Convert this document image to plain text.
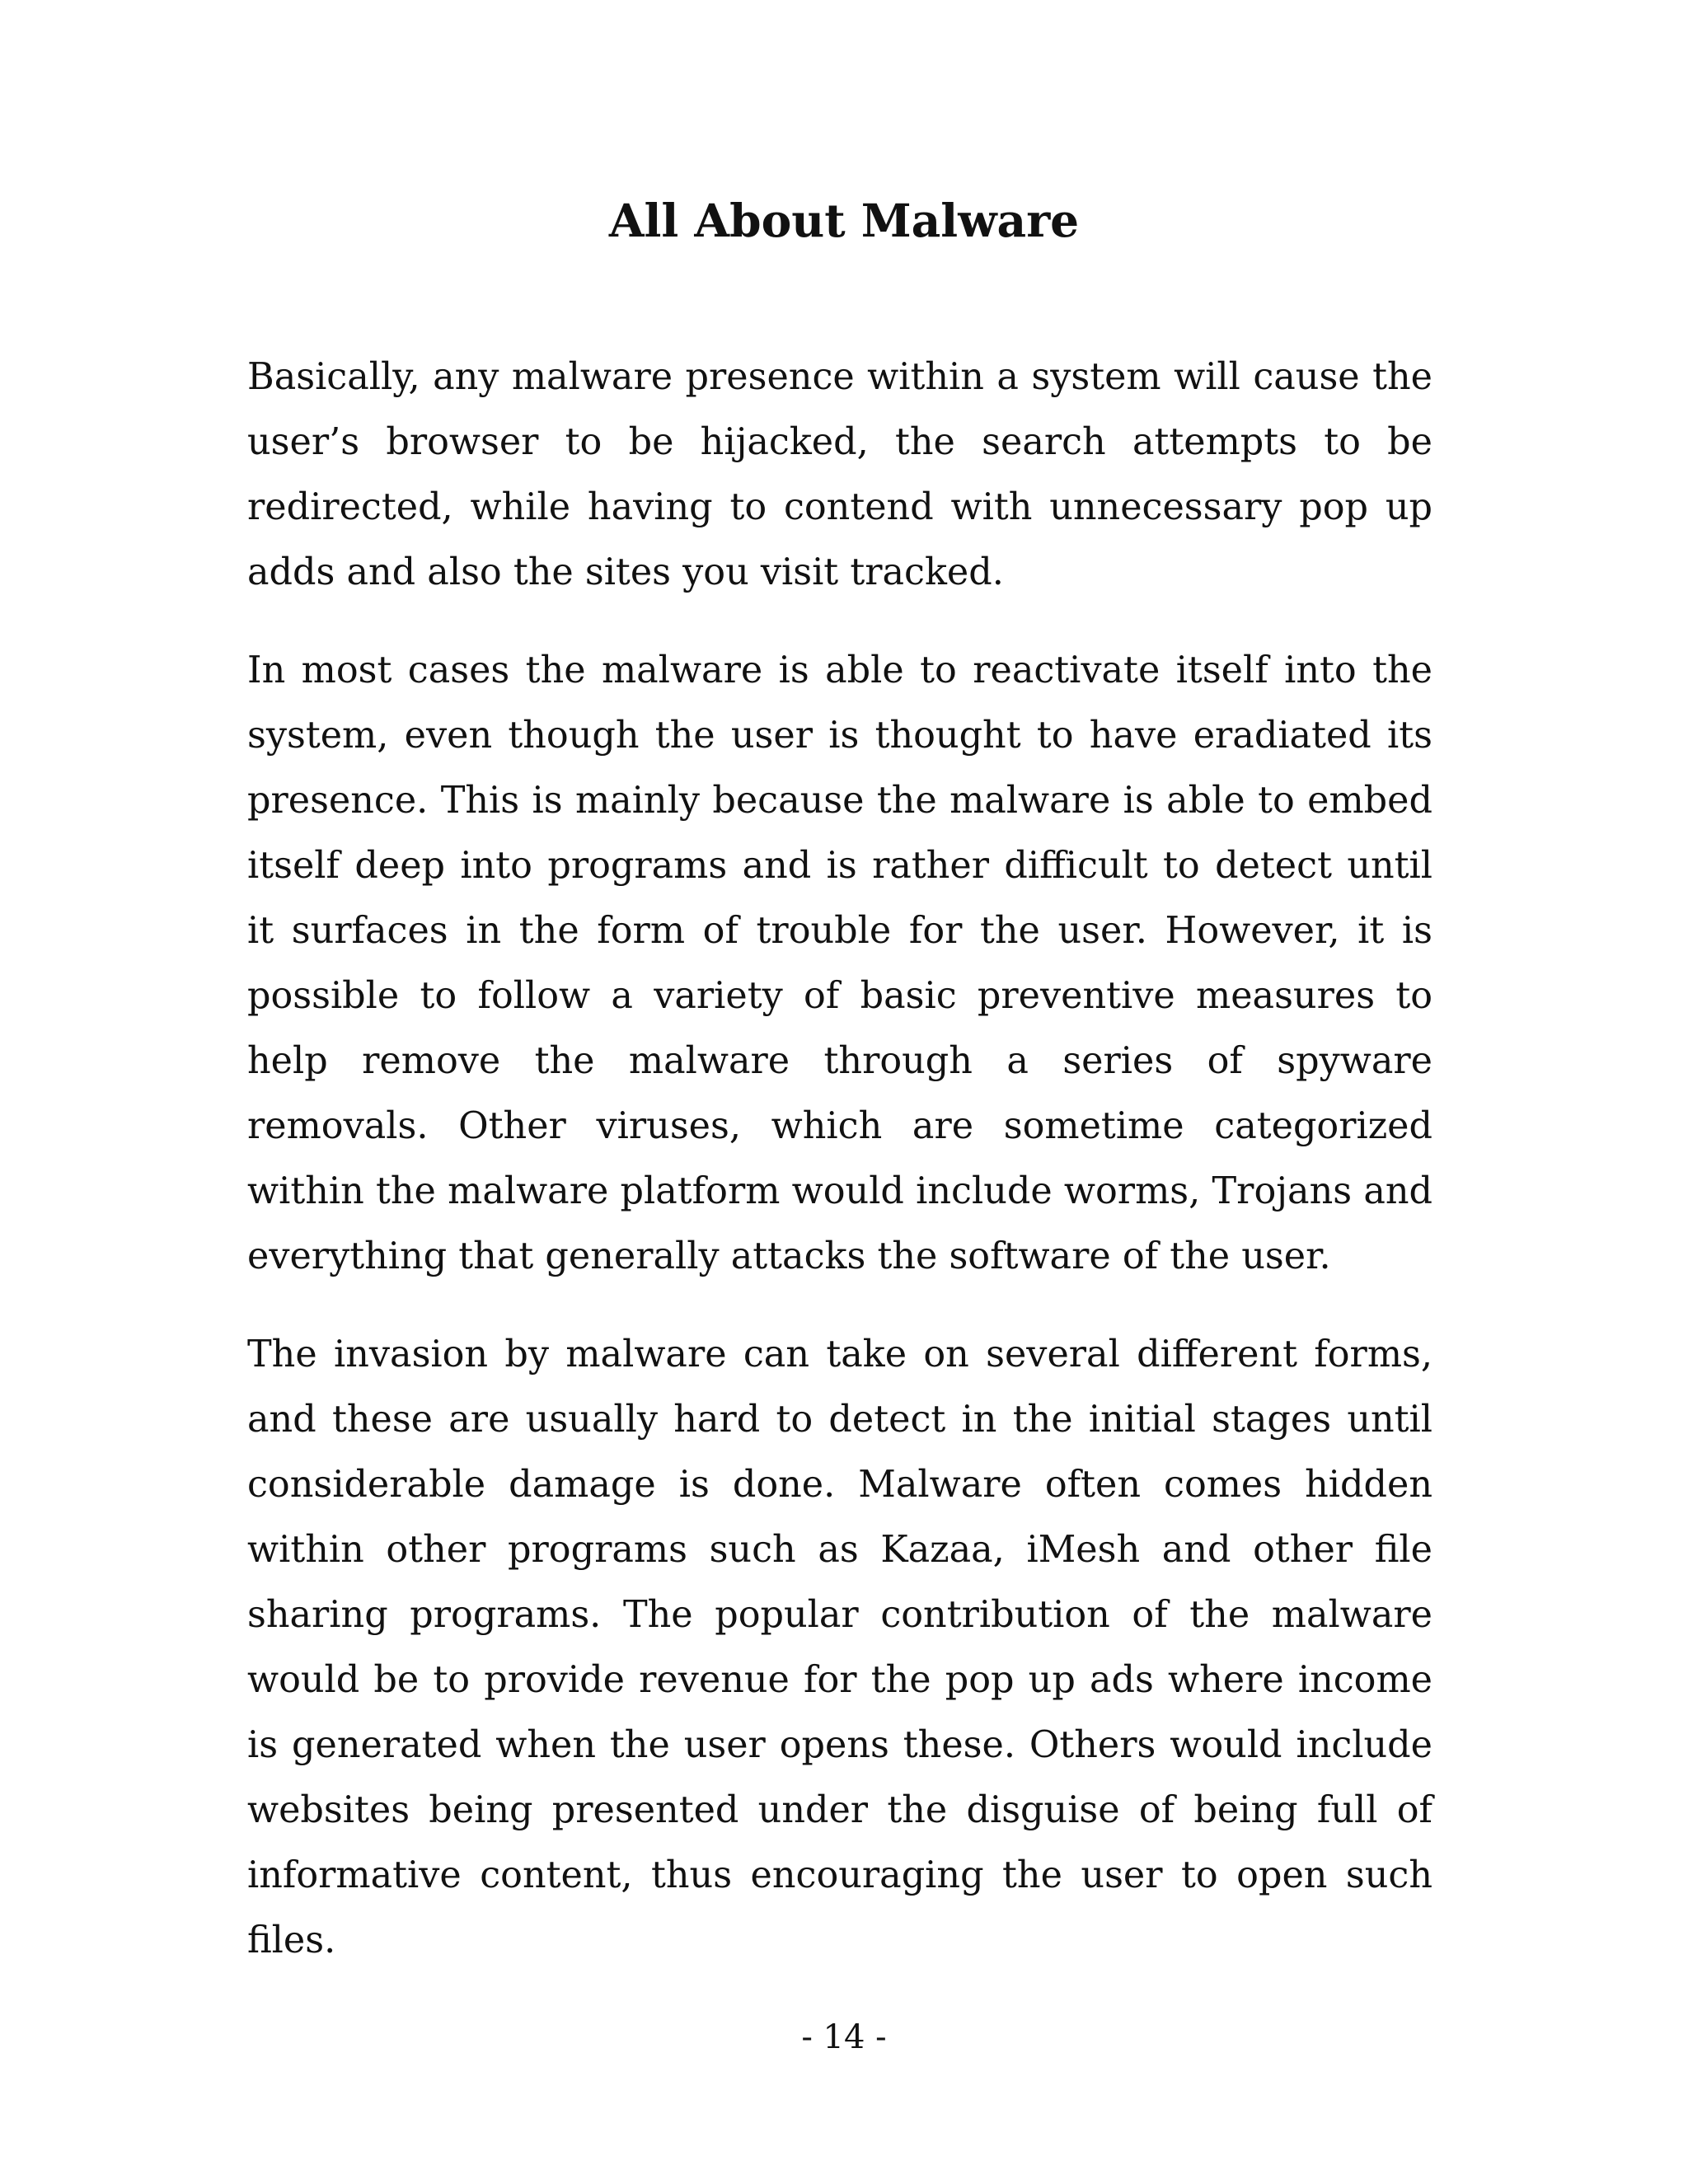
All About Malware

Basically, any malware presence within a system will cause the user’s browser to be hijacked, the search attempts to be redirected, while having to contend with unnecessary pop up adds and also the sites you visit tracked.

In most cases the malware is able to reactivate itself into the system, even though the user is thought to have eradiated its presence. This is mainly because the malware is able to embed itself deep into programs and is rather difficult to detect until it surfaces in the form of trouble for the user. However, it is possible to follow a variety of basic preventive measures to help remove the malware through a series of spyware removals. Other viruses, which are sometime categorized within the malware platform would include worms, Trojans and everything that generally attacks the software of the user.

The invasion by malware can take on several different forms, and these are usually hard to detect in the initial stages until considerable damage is done. Malware often comes hidden within other programs such as Kazaa, iMesh and other file sharing programs. The popular contribution of the malware would be to provide revenue for the pop up ads where income is generated when the user opens these. Others would include websites being presented under the disguise of being full of informative content, thus encouraging the user to open such files.

- 14 -
